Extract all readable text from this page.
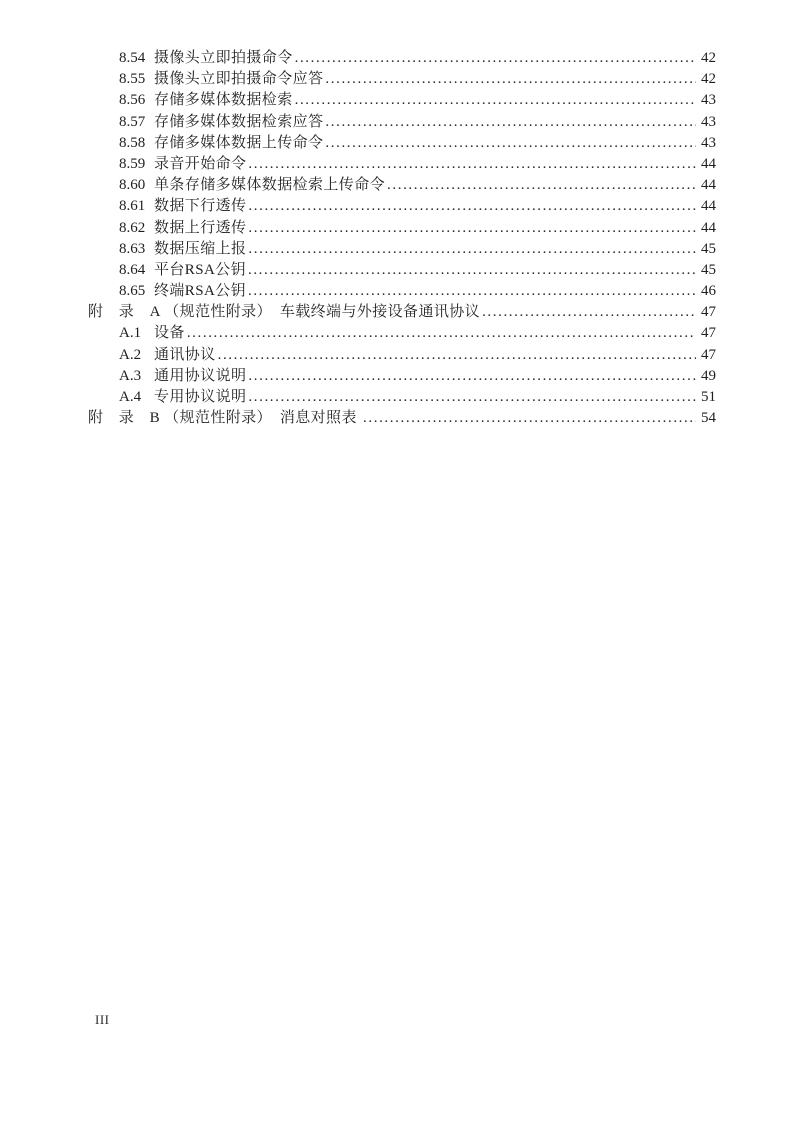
8.54 摄像头立即拍摄命令 .....	42
8.55 摄像头立即拍摄命令应答 .....	42
8.56 存储多媒体数据检索 .....	43
8.57 存储多媒体数据检索应答 .....	43
8.58 存储多媒体数据上传命令 .....	43
8.59 录音开始命令 .....	44
8.60 单条存储多媒体数据检索上传命令 .....	44
8.61 数据下行透传 .....	44
8.62 数据上行透传 .....	44
8.63 数据压缩上报 .....	45
8.64 平台RSA公钥 .....	45
8.65 终端RSA公钥 .....	46
附　录　A （规范性附录）　车载终端与外接设备通讯协议 .....	47
A.1 设备 .....	47
A.2 通讯协议 .....	47
A.3 通用协议说明 .....	49
A.4 专用协议说明 .....	51
附　录　B （规范性附录）　消息对照表 .....	54
III
